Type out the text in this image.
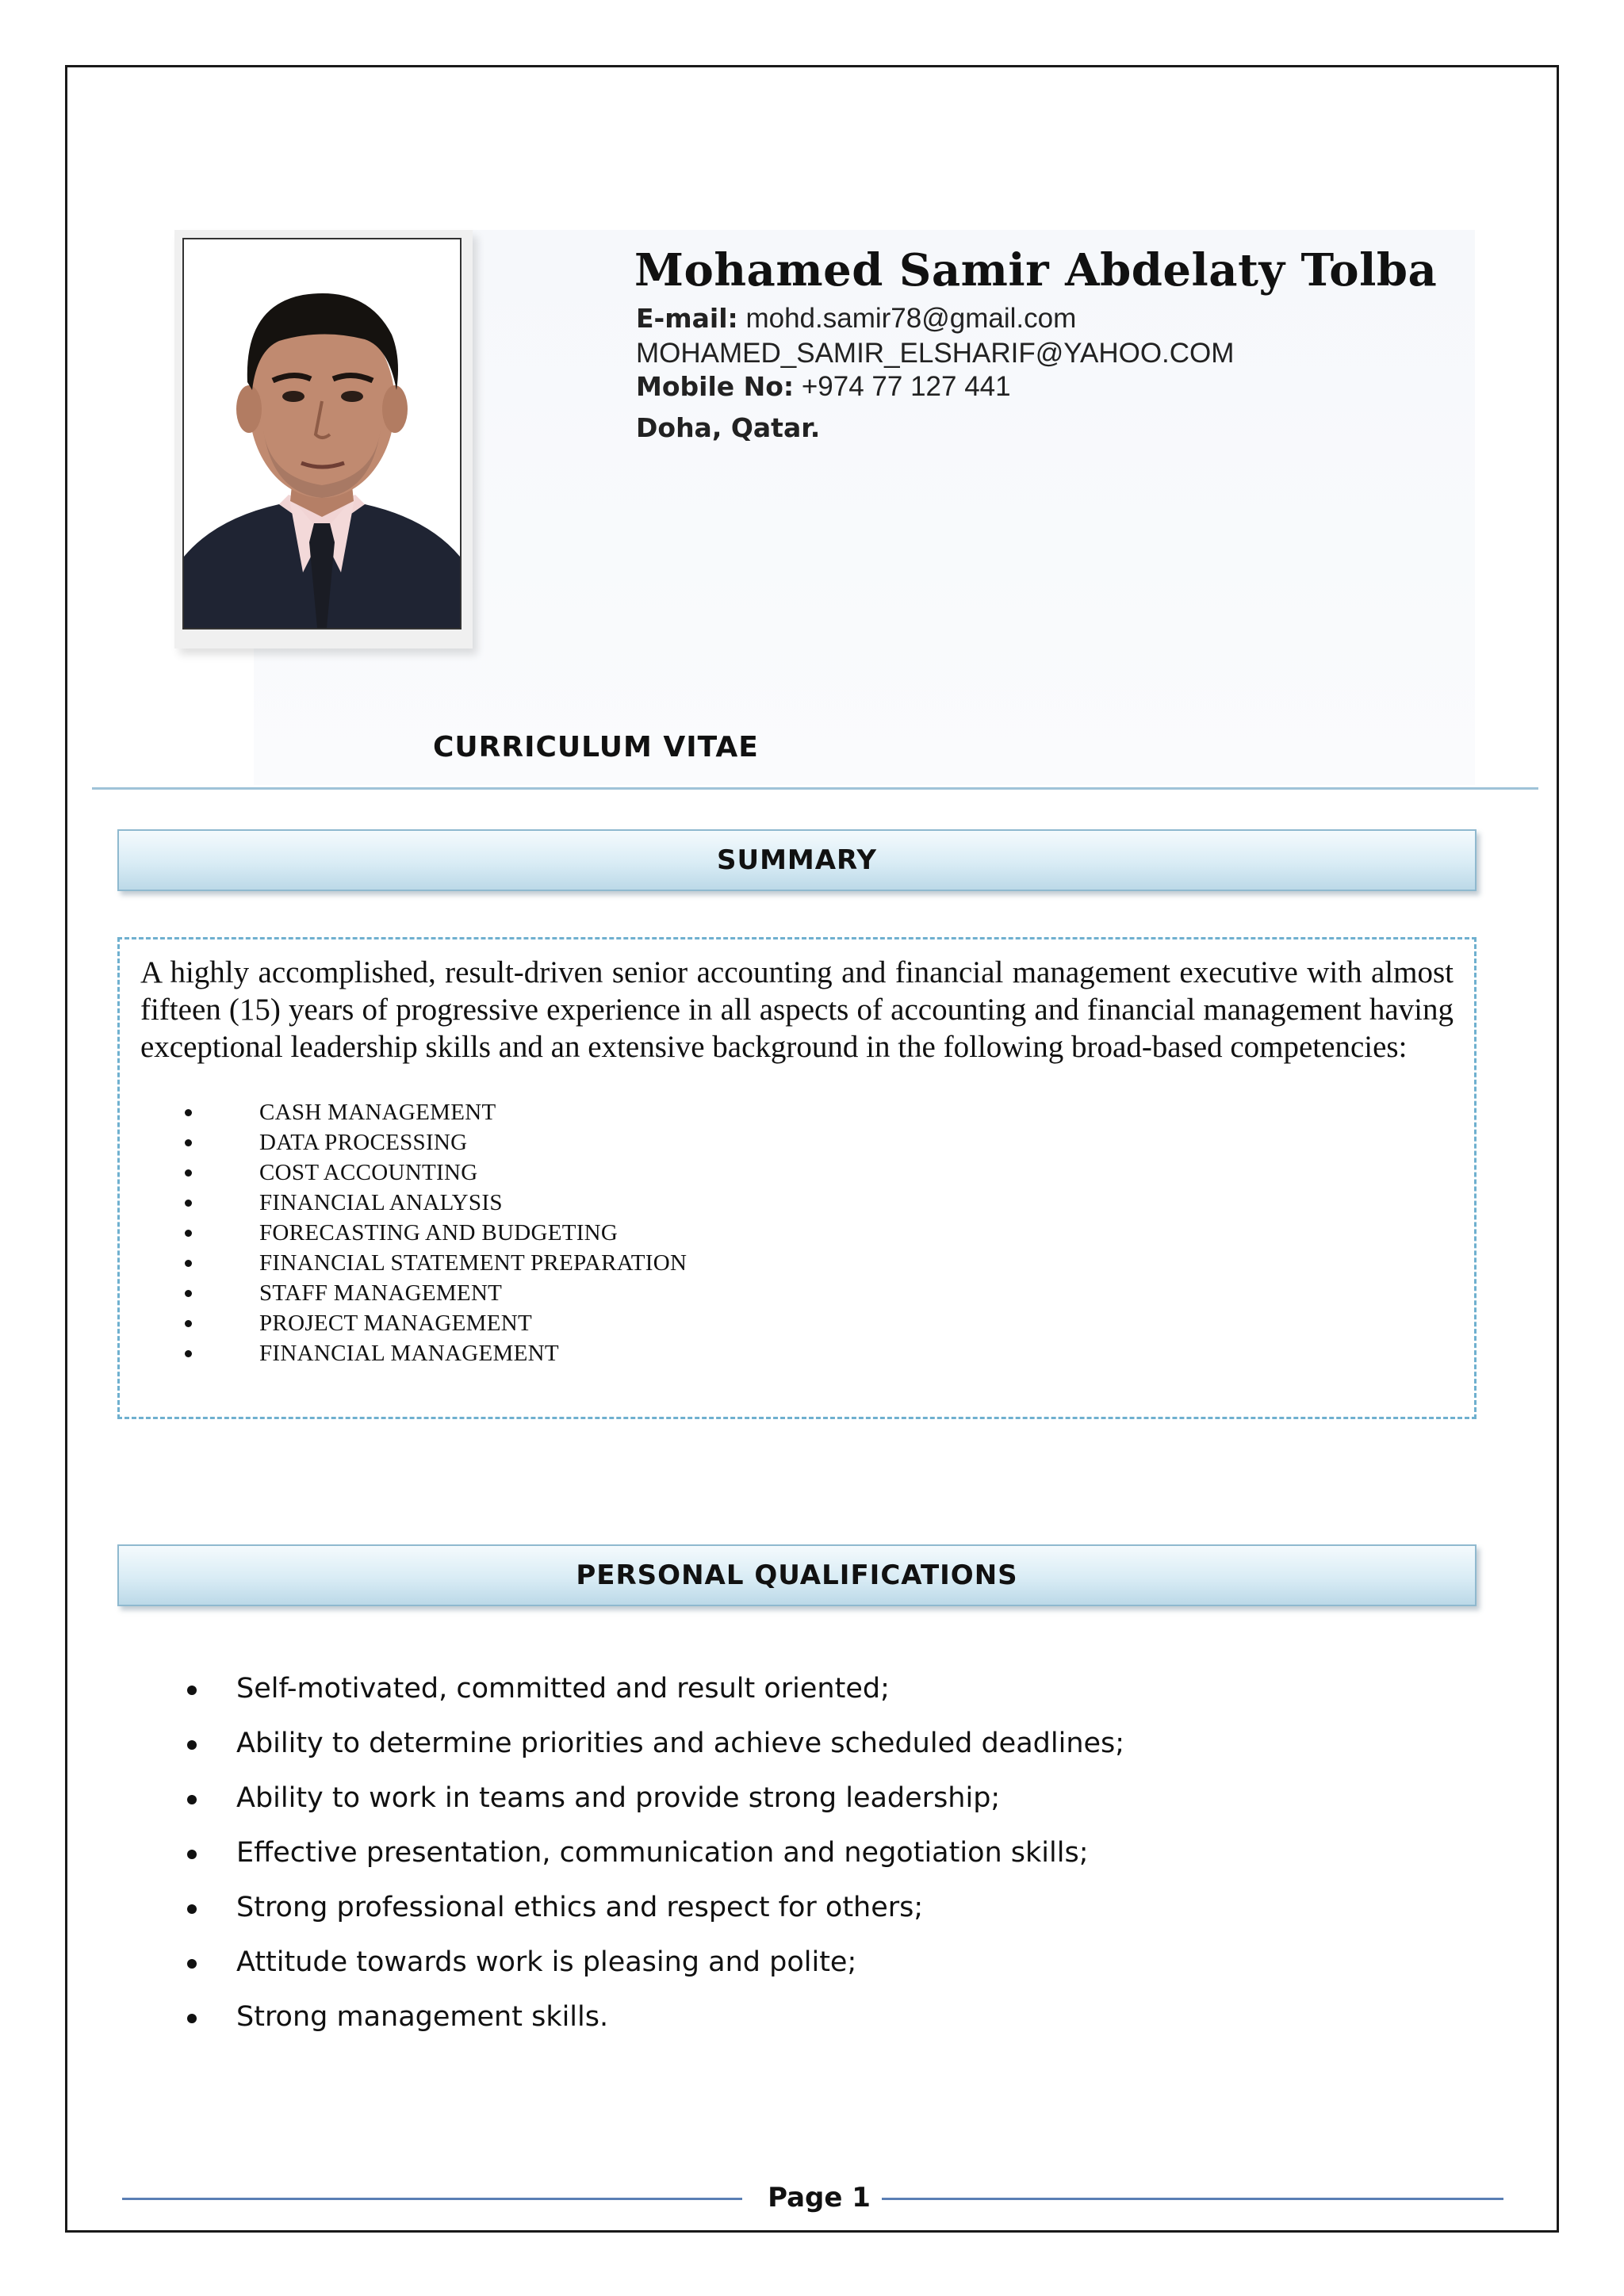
Mohamed Samir Abdelaty Tolba
E-mail: mohd.samir78@gmail.com
MOHAMED_SAMIR_ELSHARIF@YAHOO.COM
Mobile No: +974 77 127 441
Doha, Qatar.
CURRICULUM VITAE
SUMMARY
A highly accomplished, result-driven senior accounting and financial management executive with almost fifteen (15) years of progressive experience in all aspects of accounting and financial management having exceptional leadership skills and an extensive background in the following broad-based competencies:
CASH MANAGEMENT
DATA PROCESSING
COST ACCOUNTING
FINANCIAL ANALYSIS
FORECASTING AND BUDGETING
FINANCIAL STATEMENT PREPARATION
STAFF MANAGEMENT
PROJECT MANAGEMENT
FINANCIAL MANAGEMENT
PERSONAL QUALIFICATIONS
Self-motivated, committed and result oriented;
Ability to determine priorities and achieve scheduled deadlines;
Ability to work in teams and provide strong leadership;
Effective presentation, communication and negotiation skills;
Strong professional ethics and respect for others;
Attitude towards work is pleasing and polite;
Strong management skills.
Page 1
